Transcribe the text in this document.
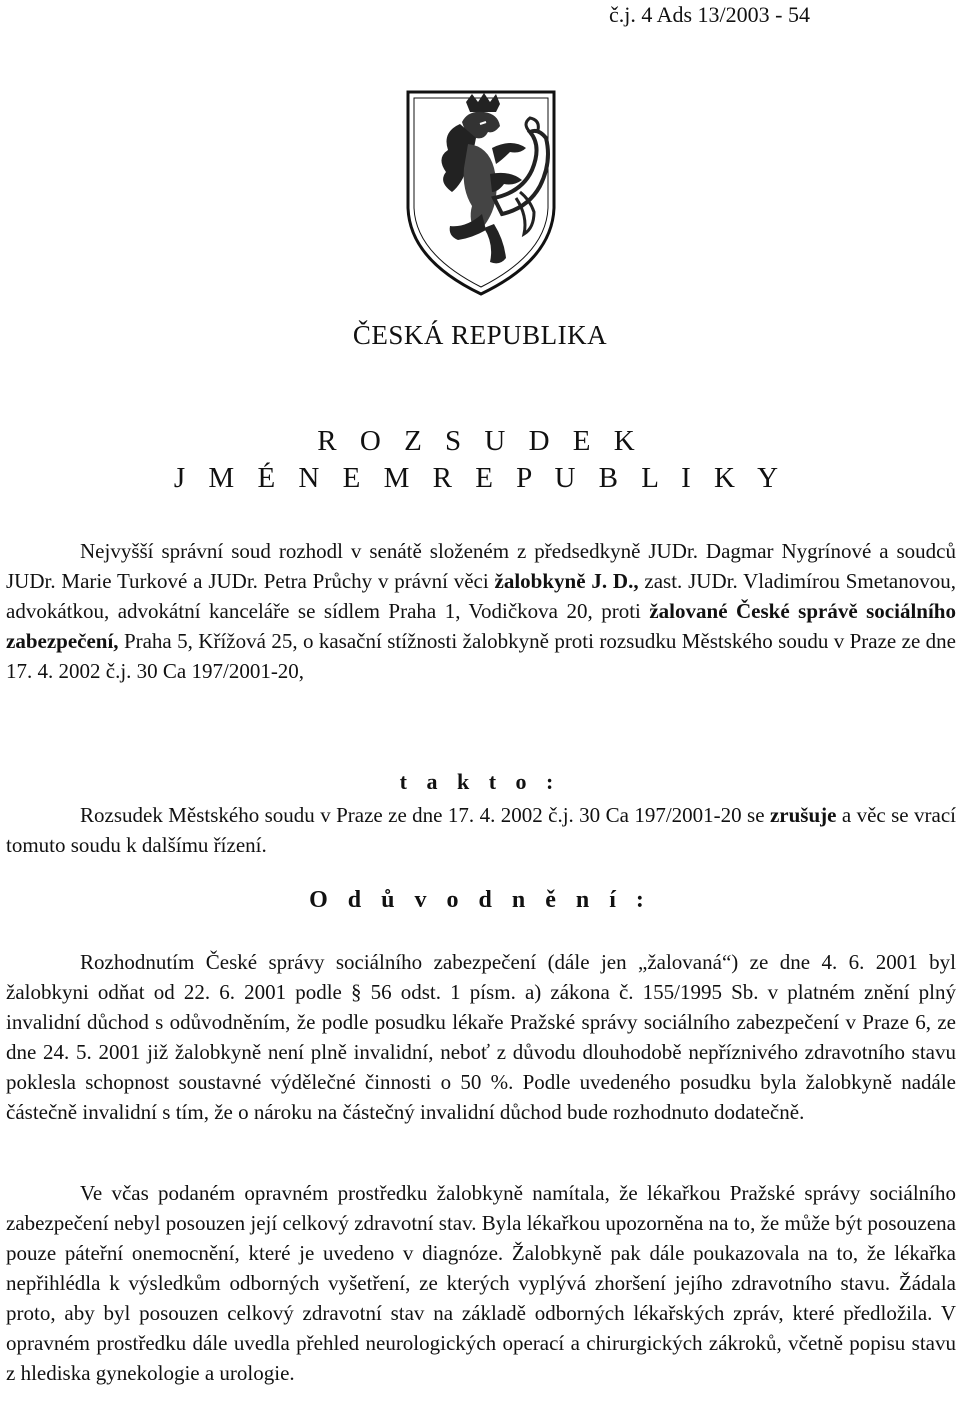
č.j. 4 Ads 13/2003 - 54
ČESKÁ REPUBLIKA
R O Z S U D E K
J M É N E M R E P U B L I K Y
Nejvyšší správní soud rozhodl v senátě složeném z předsedkyně JUDr. Dagmar Nygrínové a soudců JUDr. Marie Turkové a JUDr. Petra Průchy v právní věci žalobkyně J. D., zast. JUDr. Vladimírou Smetanovou, advokátkou, advokátní kanceláře se sídlem Praha 1, Vodičkova 20, proti žalované České správě sociálního zabezpečení, Praha 5, Křížová 25, o kasační stížnosti žalobkyně proti rozsudku Městského soudu v Praze ze dne 17. 4. 2002 č.j. 30 Ca 197/2001-20,
t a k t o :
Rozsudek Městského soudu v Praze ze dne 17. 4. 2002 č.j. 30 Ca 197/2001-20 se zrušuje a věc se vrací tomuto soudu k dalšímu řízení.
O d ů v o d n ě n í :
Rozhodnutím České správy sociálního zabezpečení (dále jen „žalovaná“) ze dne 4. 6. 2001 byl žalobkyni odňat od 22. 6. 2001 podle § 56 odst. 1 písm. a) zákona č. 155/1995 Sb. v platném znění plný invalidní důchod s odůvodněním, že podle posudku lékaře Pražské správy sociálního zabezpečení v Praze 6, ze dne 24. 5. 2001 již žalobkyně není plně invalidní, neboť z důvodu dlouhodobě nepříznivého zdravotního stavu poklesla schopnost soustavné výdělečné činnosti o 50 %. Podle uvedeného posudku byla žalobkyně nadále částečně invalidní s tím, že o nároku na částečný invalidní důchod bude rozhodnuto dodatečně.
Ve včas podaném opravném prostředku žalobkyně namítala, že lékařkou Pražské správy sociálního zabezpečení nebyl posouzen její celkový zdravotní stav. Byla lékařkou upozorněna na to, že může být posouzena pouze páteřní onemocnění, které je uvedeno v diagnóze. Žalobkyně pak dále poukazovala na to, že lékařka nepřihlédla k výsledkům odborných vyšetření, ze kterých vyplývá zhoršení jejího zdravotního stavu. Žádala proto, aby byl posouzen celkový zdravotní stav na základě odborných lékařských zpráv, které předložila. V opravném prostředku dále uvedla přehled neurologických operací a chirurgických zákroků, včetně popisu stavu z hlediska gynekologie a urologie.
